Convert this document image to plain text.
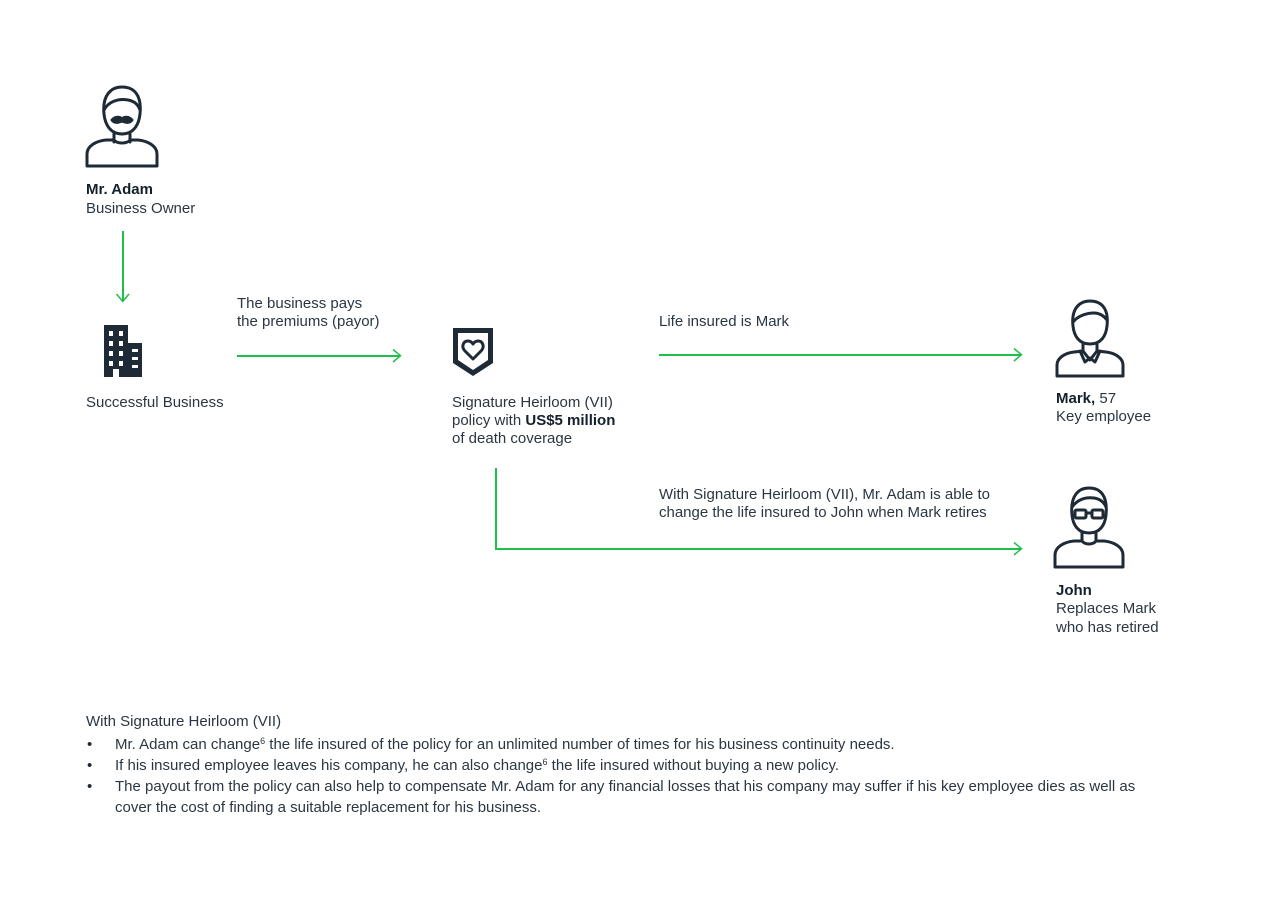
Mr. Adam
Business Owner
Successful Business
The business pays
the premiums (payor)
Signature Heirloom (VII)
policy with US$5 million
of death coverage
Life insured is Mark
Mark, 57
Key employee
With Signature Heirloom (VII), Mr. Adam is able to
change the life insured to John when Mark retires
John
Replaces Mark
who has retired
With Signature Heirloom (VII)
• Mr. Adam can change$^6$ the life insured of the policy for an unlimited number of times for his business continuity needs.
• If his insured employee leaves his company, he can also change$^6$ the life insured without buying a new policy.
• The payout from the policy can also help to compensate Mr. Adam for any financial losses that his company may suffer if his key employee dies as well as cover the cost of finding a suitable replacement for his business.
